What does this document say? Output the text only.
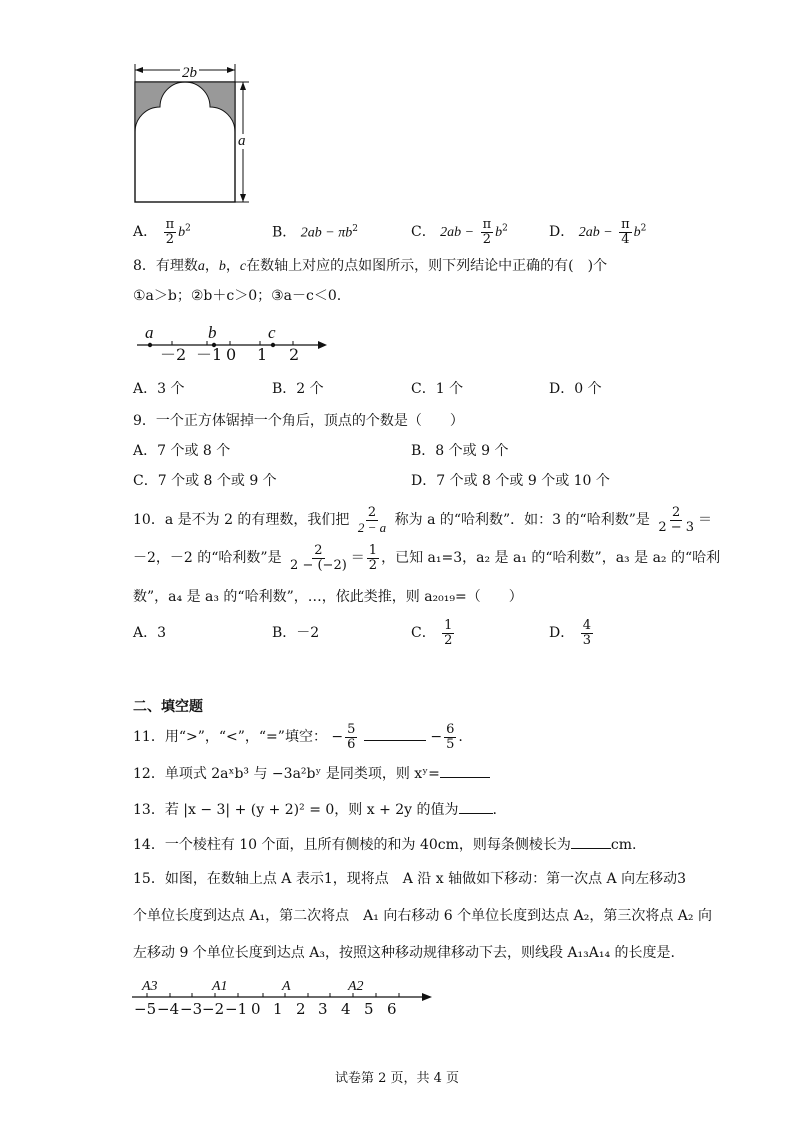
2b
a
A． $\frac{\pi}{2} b^2$	B． $2ab - \pi b^2$	C． $2ab - \frac{\pi}{2} b^2$	D． $2ab - \frac{\pi}{4} b^2$
8．有理数a，b，c在数轴上对应的点如图所示，则下列结论中正确的有(　)个
①a＞b；②b＋c＞0；③a－c＜0.
a	b	c
－2 －1 0 1 2
A．3 个	B．2 个	C．1 个	D．0 个
9．一个正方体锯掉一个角后，顶点的个数是（　　）
A．7 个或 8 个	B．8 个或 9 个
C．7 个或 8 个或 9 个	D．7 个或 8 个或 9 个或 10 个
10．a 是不为 2 的有理数，我们把 $\frac{2}{2 - a}$ 称为 a 的“哈利数”．如：3 的“哈利数”是 $\frac{2}{2 - 3}$ ＝
－2，－2 的“哈利数”是 $\frac{2}{2 - (-2)} = \frac{1}{2}$ ，已知 a₁=3，a₂ 是 a₁ 的“哈利数”，a₃ 是 a₂ 的“哈利
数”，a₄ 是 a₃ 的“哈利数”，…，依此类推，则 a₂₀₁₉=（　　）
A．3	B．－2	C． $\frac{1}{2}$	D． $\frac{4}{3}$
二、填空题
11．用“>”，“<”，“=”填空： − $\frac{5}{6}$	− $\frac{6}{5}$ .
12．单项式 2aˣb³ 与 −3a²bʸ 是同类项，则 xʸ=
13．若 |x − 3| + (y + 2)² = 0，则 x + 2y 的值为 .
14．一个棱柱有 10 个面，且所有侧棱的和为 40cm，则每条侧棱长为	cm.
15．如图，在数轴上点 A 表示1，现将点　A 沿 x 轴做如下移动：第一次点 A 向左移动3
个单位长度到达点 A₁，第二次将点　A₁ 向右移动 6 个单位长度到达点 A₂，第三次将点 A₂ 向
左移动 9 个单位长度到达点 A₃，按照这种移动规律移动下去，则线段 A₁₃A₁₄ 的长度是.
A3	A1	A	A2
−5−4−3−2−1 0 1 2 3 4 5 6
试卷第 2 页，共 4 页
